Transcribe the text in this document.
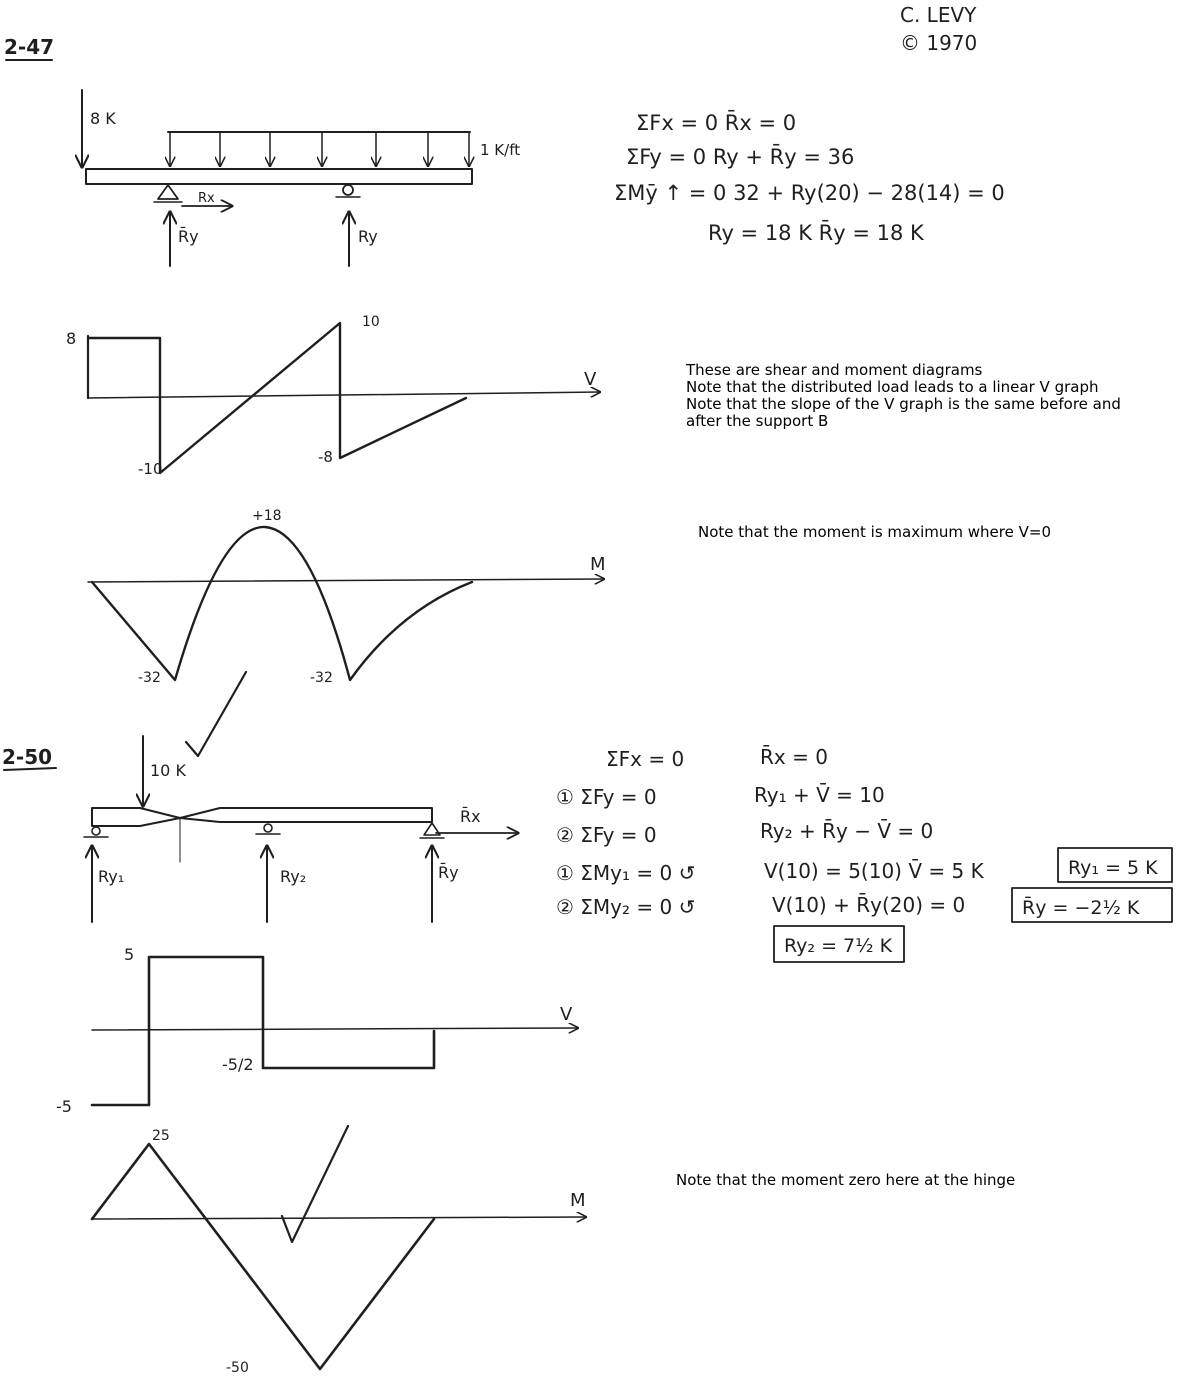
C. LEVY
© 1970
2-47
8 K
1 K/ft
Rx
R̄y	Ry
ΣFx = 0 R̄x = 0
ΣFy = 0 Ry + R̄y = 36
ΣMȳ ↑ = 0 32 + Ry(20) − 28(14) = 0
Ry = 18 K R̄y = 18 K
V
8
10
-10
-8
M
+18
-32	-32
2-50
10 K
Ry₁	Ry₂	R̄y
R̄x
ΣFx = 0
① ΣFy = 0
② ΣFy = 0
① ΣMy₁ = 0 ↺
② ΣMy₂ = 0 ↺
R̄x = 0
Ry₁ + V̄ = 10
Ry₂ + R̄y − V̄ = 0
V(10) = 5(10) V̄ = 5 K
V(10) + R̄y(20) = 0
Ry₁ = 5 K
R̄y = −2½ K
Ry₂ = 7½ K
V
5
-5/2
-5
M
25
-50
These are shear and moment diagrams
Note that the distributed load leads to a linear V graph
Note that the slope of the V graph is the same before and
after the support B
Note that the moment is maximum where V=0
Note that the moment zero here at the hinge
